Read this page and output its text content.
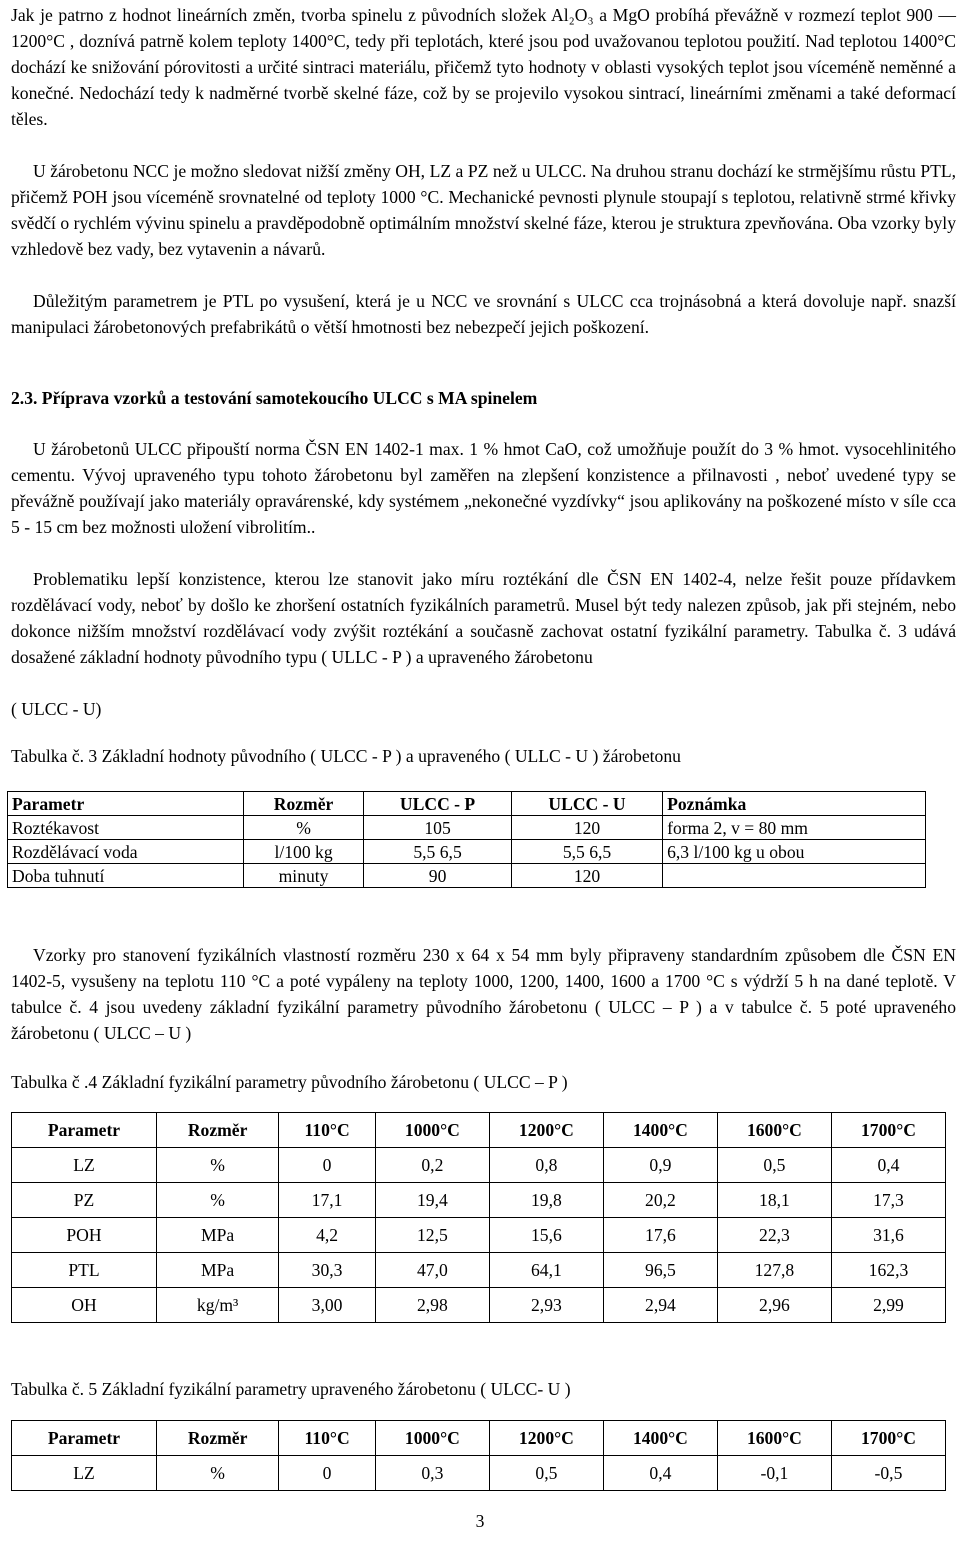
Jak je patrno z hodnot lineárních změn, tvorba spinelu z původních složek Al₂O₃ a MgO probíhá převážně v rozmezí teplot 900 — 1200°C , doznívá patrně kolem teploty 1400°C, tedy při teplotách, které jsou pod uvažovanou teplotou použití. Nad teplotou 1400°C dochází ke snižování pórovitosti a určité sintraci materiálu, přičemž tyto hodnoty v oblasti vysokých teplot jsou víceméně neměnné a konečné. Nedochází tedy k nadměrné tvorbě skelné fáze, což by se projevilo vysokou sintrací, lineárními změnami a také deformací těles.

U žárobetonu NCC je možno sledovat nižší změny OH, LZ a PZ než u ULCC. Na druhou stranu dochází ke strmějšímu růstu PTL, přičemž POH jsou víceméně srovnatelné od teploty 1000 °C. Mechanické pevnosti plynule stoupají s teplotou, relativně strmé křivky svědčí o rychlém vývinu spinelu a pravděpodobně optimálním množství skelné fáze, kterou je struktura zpevňována. Oba vzorky byly vzhledově bez vady, bez vytavenin a návarů.

Důležitým parametrem je PTL po vysušení, která je u NCC ve srovnání s ULCC cca trojnásobná a která dovoluje např. snazší manipulaci žárobetonových prefabrikátů o větší hmotnosti bez nebezpečí jejich poškození.

2.3. Příprava vzorků a testování samotekoucího ULCC s MA spinelem

U žárobetonů ULCC připouští norma ČSN EN 1402-1 max. 1 % hmot CaO, což umožňuje použít do 3 % hmot. vysocehlinitého cementu. Vývoj upraveného typu tohoto žárobetonu byl zaměřen na zlepšení konzistence a přilnavosti , neboť uvedené typy se převážně používají jako materiály opravárenské, kdy systémem „nekonečné vyzdívky“ jsou aplikovány na poškozené místo v síle cca 5 - 15 cm bez možnosti uložení vibrolitím..

Problematiku lepší konzistence, kterou lze stanovit jako míru roztékání dle ČSN EN 1402-4, nelze řešit pouze přídavkem rozdělávací vody, neboť by došlo ke zhoršení ostatních fyzikálních parametrů. Musel být tedy nalezen způsob, jak při stejném, nebo dokonce nižším množství rozdělávací vody zvýšit roztékání a současně zachovat ostatní fyzikální parametry. Tabulka č. 3 udává dosažené základní hodnoty původního typu ( ULLC - P ) a upraveného žárobetonu

( ULCC - U)

Tabulka č. 3 Základní hodnoty původního ( ULCC - P ) a upraveného ( ULLC - U ) žárobetonu

Parametr	Rozměr	ULCC - P	ULCC - U	Poznámka
Roztékavost	%	105	120	forma 2, v = 80 mm
Rozdělávací voda	l/100 kg	5,5 6,5	5,5 6,5	6,3 l/100 kg u obou
Doba tuhnutí	minuty	90	120	

Vzorky pro stanovení fyzikálních vlastností rozměru 230 x 64 x 54 mm byly připraveny standardním způsobem dle ČSN EN 1402-5, vysušeny na teplotu 110 °C a poté vypáleny na teploty 1000, 1200, 1400, 1600 a 1700 °C s výdrží 5 h na dané teplotě. V tabulce č. 4 jsou uvedeny základní fyzikální parametry původního žárobetonu ( ULCC – P ) a v tabulce č. 5 poté upraveného žárobetonu ( ULCC – U )

Tabulka č .4 Základní fyzikální parametry původního žárobetonu ( ULCC – P )

Parametr	Rozměr	110°C	1000°C	1200°C	1400°C	1600°C	1700°C
LZ	%	0	0,2	0,8	0,9	0,5	0,4
PZ	%	17,1	19,4	19,8	20,2	18,1	17,3
POH	MPa	4,2	12,5	15,6	17,6	22,3	31,6
PTL	MPa	30,3	47,0	64,1	96,5	127,8	162,3
OH	kg/m³	3,00	2,98	2,93	2,94	2,96	2,99

Tabulka č. 5 Základní fyzikální parametry upraveného žárobetonu ( ULCC- U )

Parametr	Rozměr	110°C	1000°C	1200°C	1400°C	1600°C	1700°C
LZ	%	0	0,3	0,5	0,4	-0,1	-0,5
3
